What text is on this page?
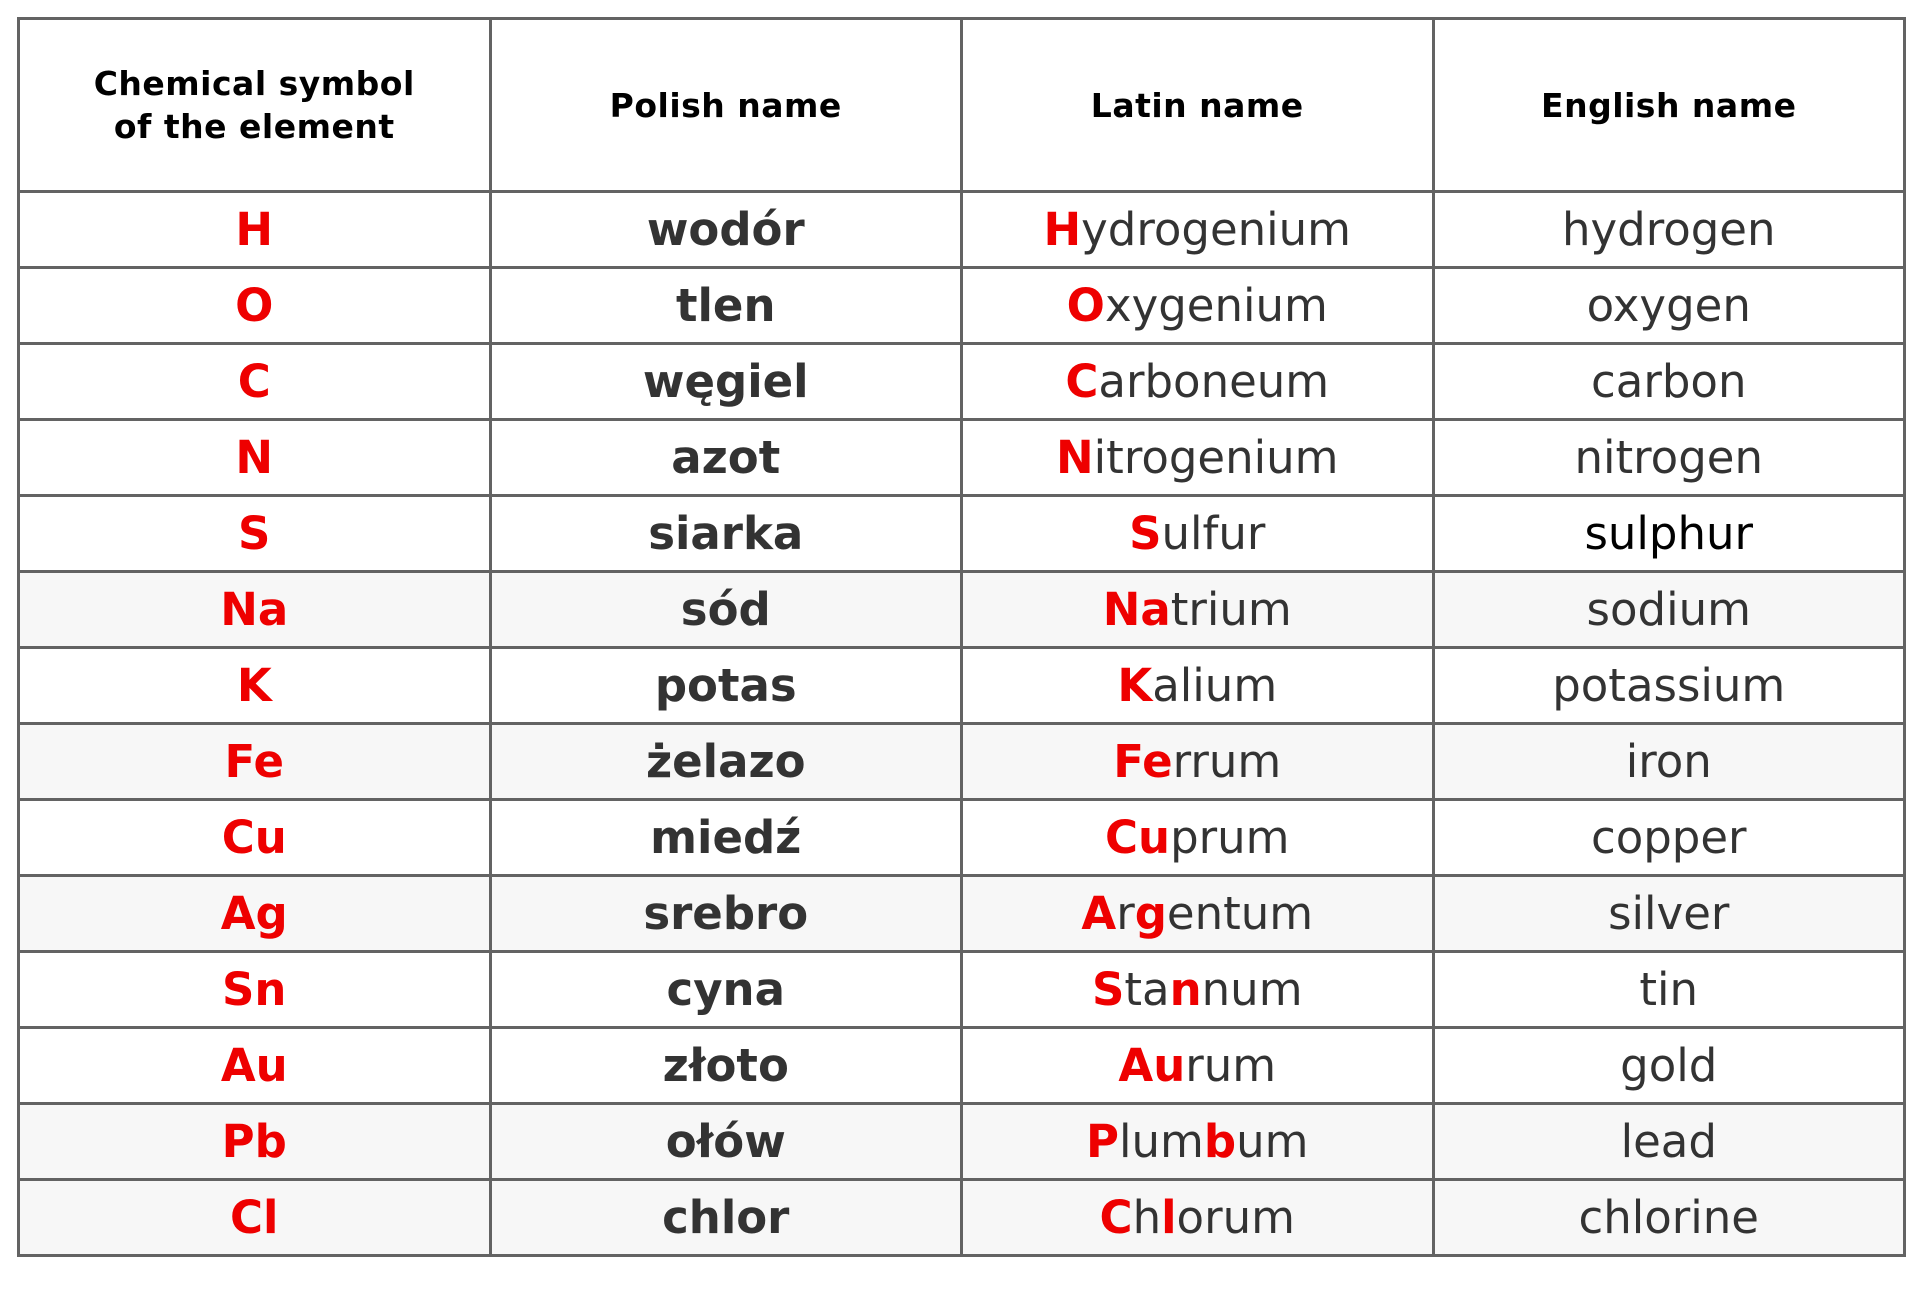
Chemical symbol
of the element	Polish name	Latin name	English name
H	wodór	Hydrogenium	hydrogen
O	tlen	Oxygenium	oxygen
C	węgiel	Carboneum	carbon
N	azot	Nitrogenium	nitrogen
S	siarka	Sulfur	sulphur
Na	sód	Natrium	sodium
K	potas	Kalium	potassium
Fe	żelazo	Ferrum	iron
Cu	miedź	Cuprum	copper
Ag	srebro	Argentum	silver
Sn	cyna	Stannum	tin
Au	złoto	Aurum	gold
Pb	ołów	Plumbum	lead
Cl	chlor	Chlorum	chlorine
